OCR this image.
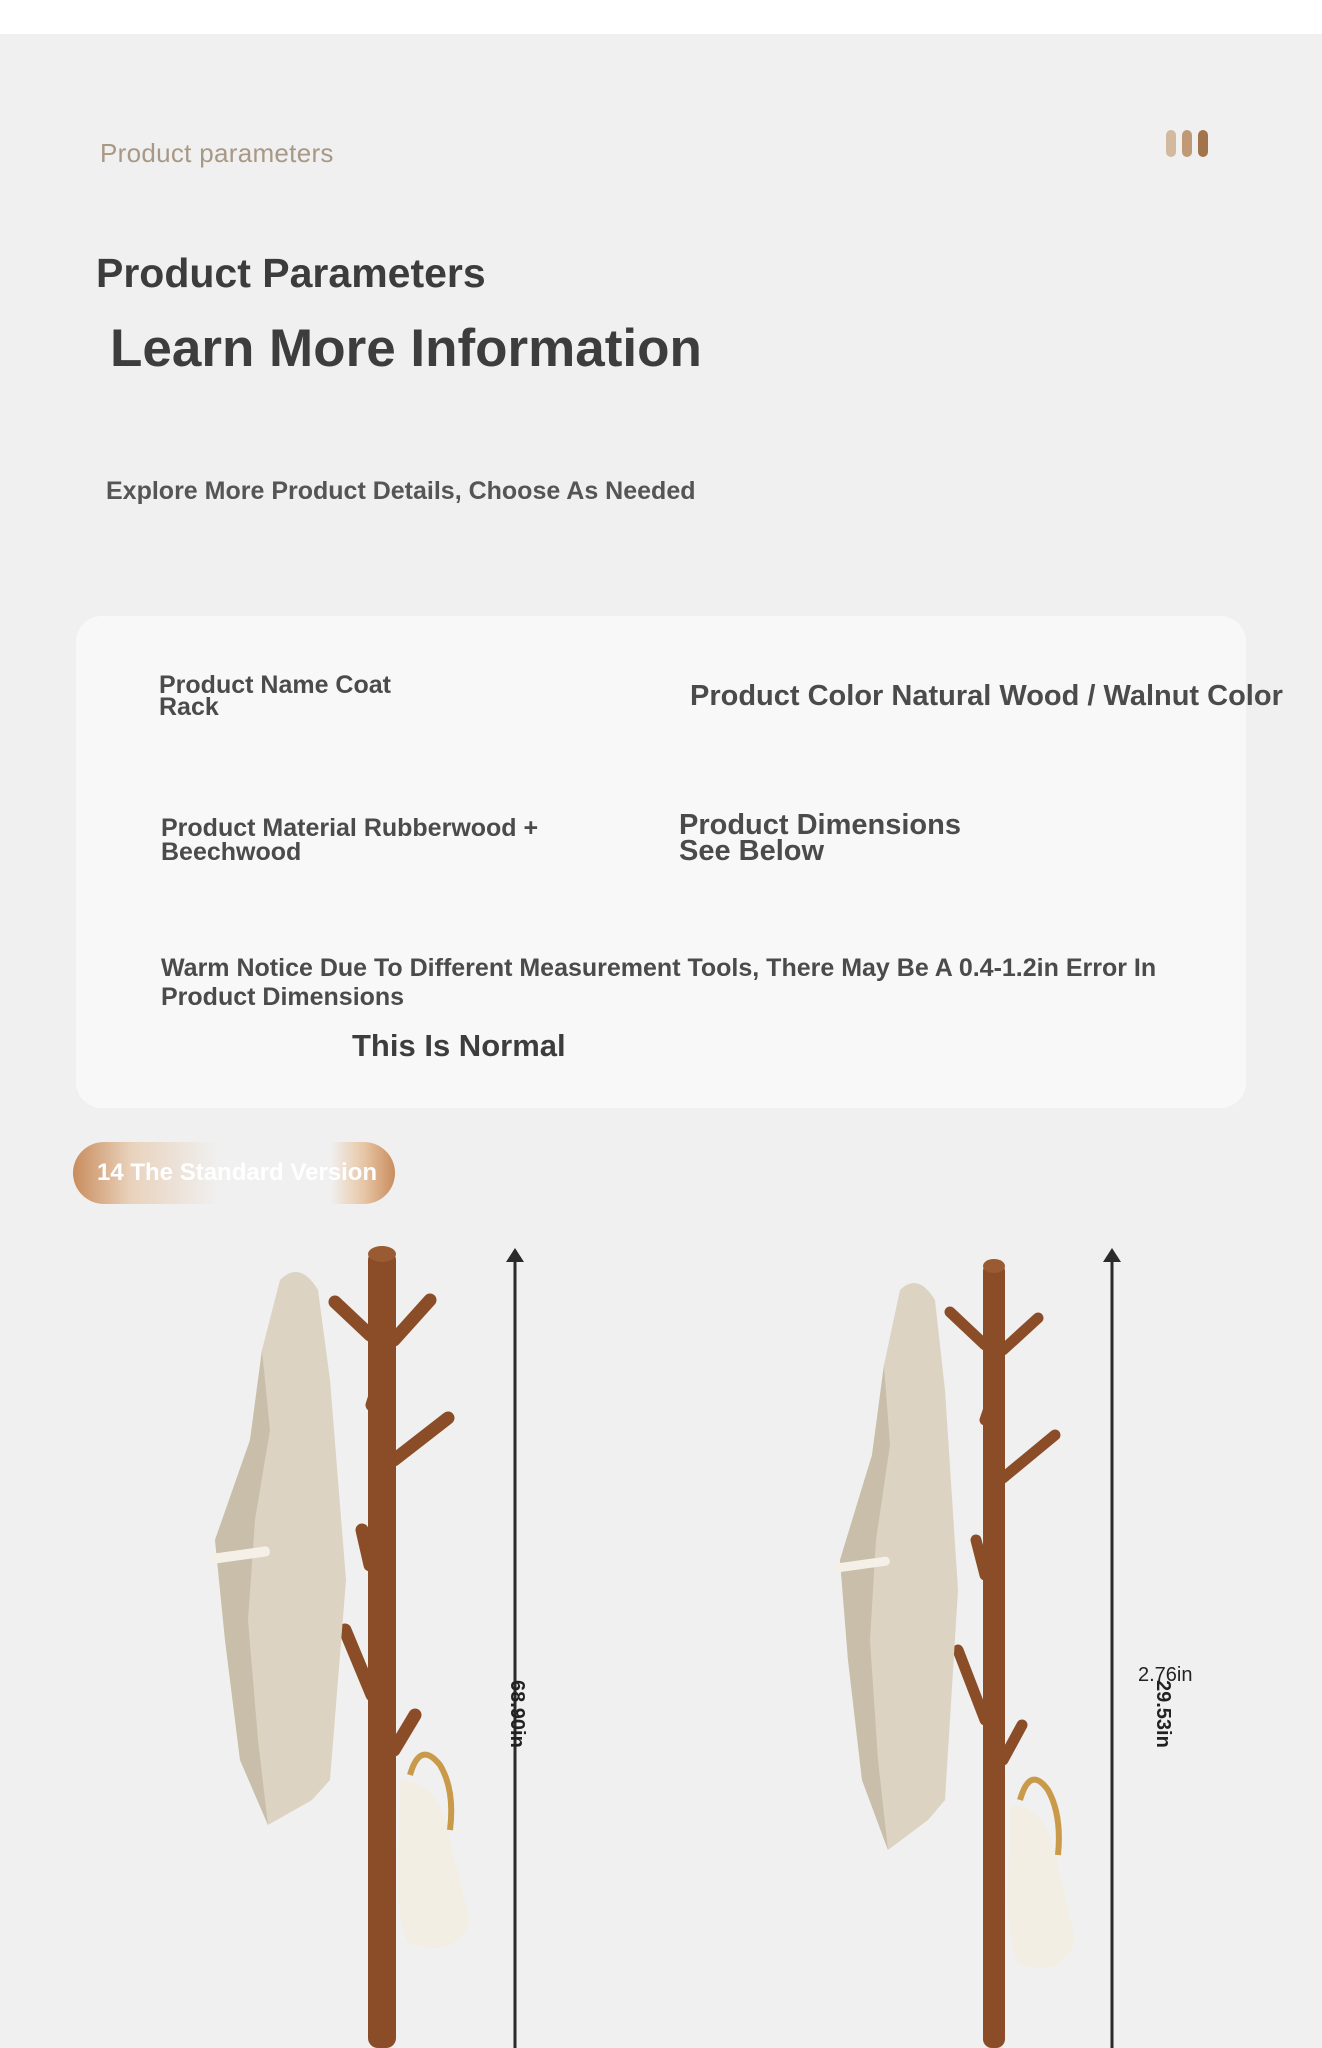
Product parameters
Product Parameters
Learn More Information

Explore More Product Details, Choose As Needed

Product Name Coat Rack	Product Color Natural Wood / Walnut Color

Product Material Rubberwood + Beechwood

Product Dimensions See Below

Warm Notice Due To Different Measurement Tools, There May Be A 0.4-1.2in Error In Product Dimensions

This Is Normal

14 The Standard Version
68.90in
2.76in
29.53in
